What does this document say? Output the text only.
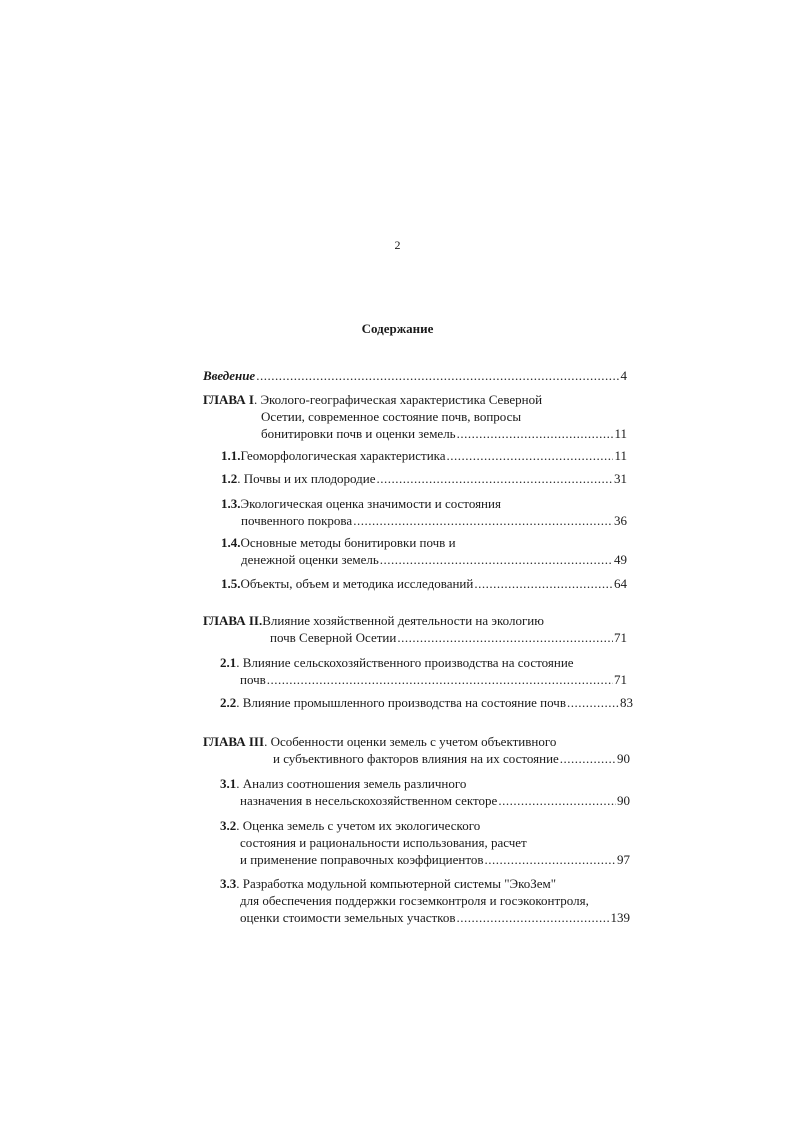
2
Содержание
Введение .....	4
ГЛАВА I . Эколого-географическая характеристика Северной
Осетии, современное состояние почв, вопросы
бонитировки почв и оценки земель .....	11
1.1. Геоморфологическая характеристика .....	11
1.2 . Почвы и их плодородие .....	31
1.3. Экологическая оценка значимости и состояния
почвенного покрова .....	36
1.4. Основные методы бонитировки почв и
денежной оценки земель .....	49
1.5. Объекты, объем и методика исследований .....	64
ГЛАВА II. Влияние хозяйственной деятельности на экологию
почв Северной Осетии .....	71
2.1 . Влияние сельскохозяйственного производства на состояние
почв .....	71
2.2 . Влияние промышленного производства на состояние почв .....	83
ГЛАВА III . Особенности оценки земель с учетом объективного
и субъективного факторов влияния на их состояние .....	90
3.1 . Анализ соотношения земель различного
назначения в несельскохозяйственном секторе .....	90
3.2 . Оценка земель с учетом их экологического
состояния и рациональности использования, расчет
и применение поправочных коэффициентов .....	97
3.3 . Разработка модульной компьютерной системы "ЭкоЗем"
для обеспечения поддержки госземконтроля и госэкоконтроля,
оценки стоимости земельных участков .....	139
